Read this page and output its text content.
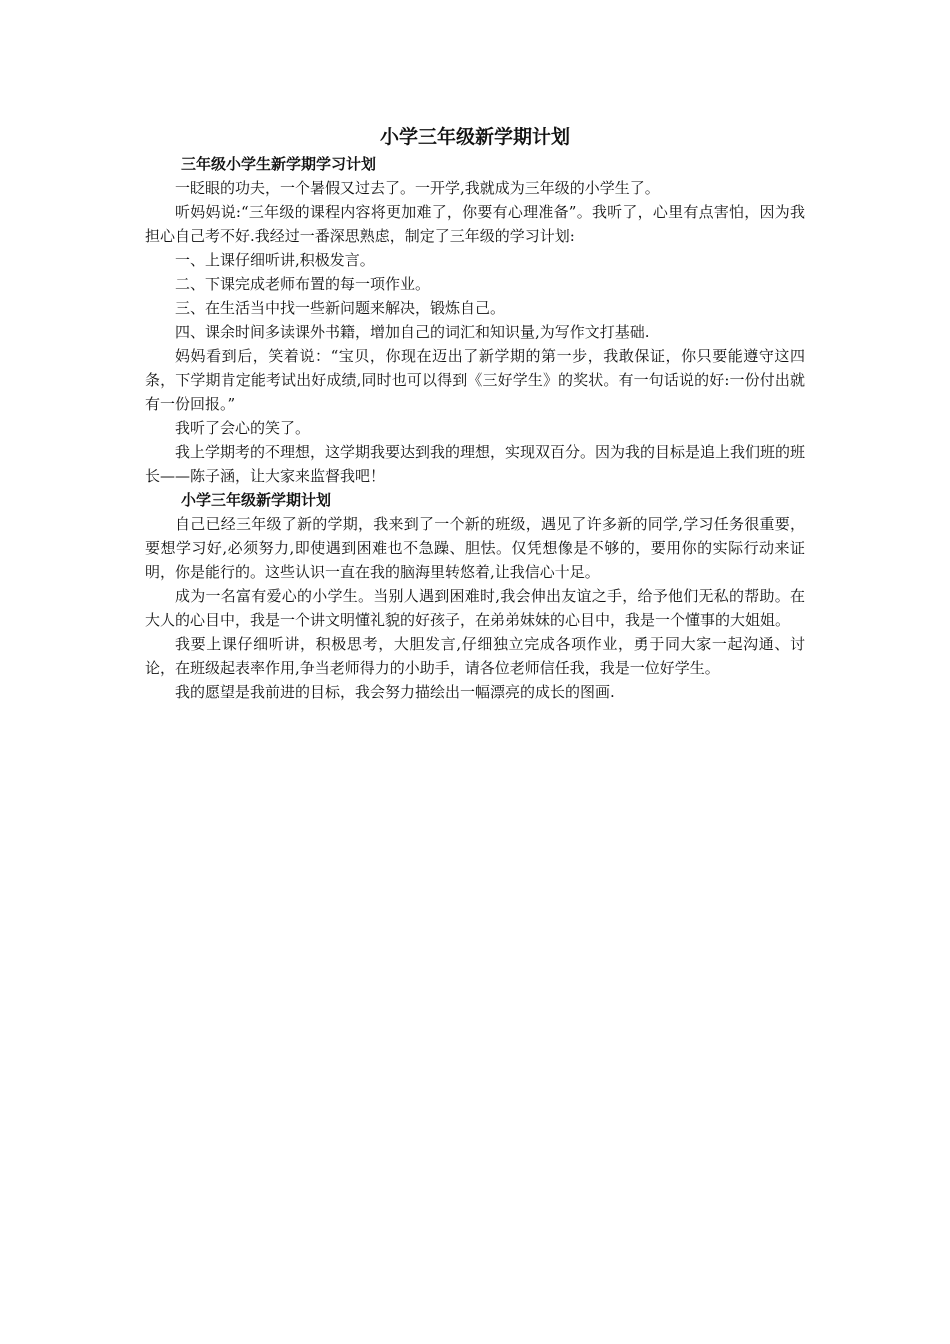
小学三年级新学期计划
三年级小学生新学期学习计划

一眨眼的功夫，一个暑假又过去了。一开学,我就成为三年级的小学生了。

听妈妈说:“三年级的课程内容将更加难了，你要有心理准备”。我听了，心里有点害怕，因为我担心自己考不好.我经过一番深思熟虑，制定了三年级的学习计划:

一、上课仔细听讲,积极发言。

二、下课完成老师布置的每一项作业。

三、在生活当中找一些新问题来解决，锻炼自己。

四、课余时间多读课外书籍，增加自己的词汇和知识量,为写作文打基础.

妈妈看到后，笑着说：“宝贝，你现在迈出了新学期的第一步，我敢保证，你只要能遵守这四条，下学期肯定能考试出好成绩,同时也可以得到《三好学生》的奖状。有一句话说的好:一份付出就有一份回报。”

我听了会心的笑了。

我上学期考的不理想，这学期我要达到我的理想，实现双百分。因为我的目标是追上我们班的班长——陈子涵，让大家来监督我吧！

小学三年级新学期计划

自己已经三年级了新的学期，我来到了一个新的班级，遇见了许多新的同学,学习任务很重要，要想学习好,必须努力,即使遇到困难也不急躁、胆怯。仅凭想像是不够的，要用你的实际行动来证明，你是能行的。这些认识一直在我的脑海里转悠着,让我信心十足。

成为一名富有爱心的小学生。当别人遇到困难时,我会伸出友谊之手，给予他们无私的帮助。在大人的心目中，我是一个讲文明懂礼貌的好孩子，在弟弟妹妹的心目中，我是一个懂事的大姐姐。

我要上课仔细听讲，积极思考，大胆发言,仔细独立完成各项作业，勇于同大家一起沟通、讨论，在班级起表率作用,争当老师得力的小助手，请各位老师信任我，我是一位好学生。

我的愿望是我前进的目标，我会努力描绘出一幅漂亮的成长的图画.
